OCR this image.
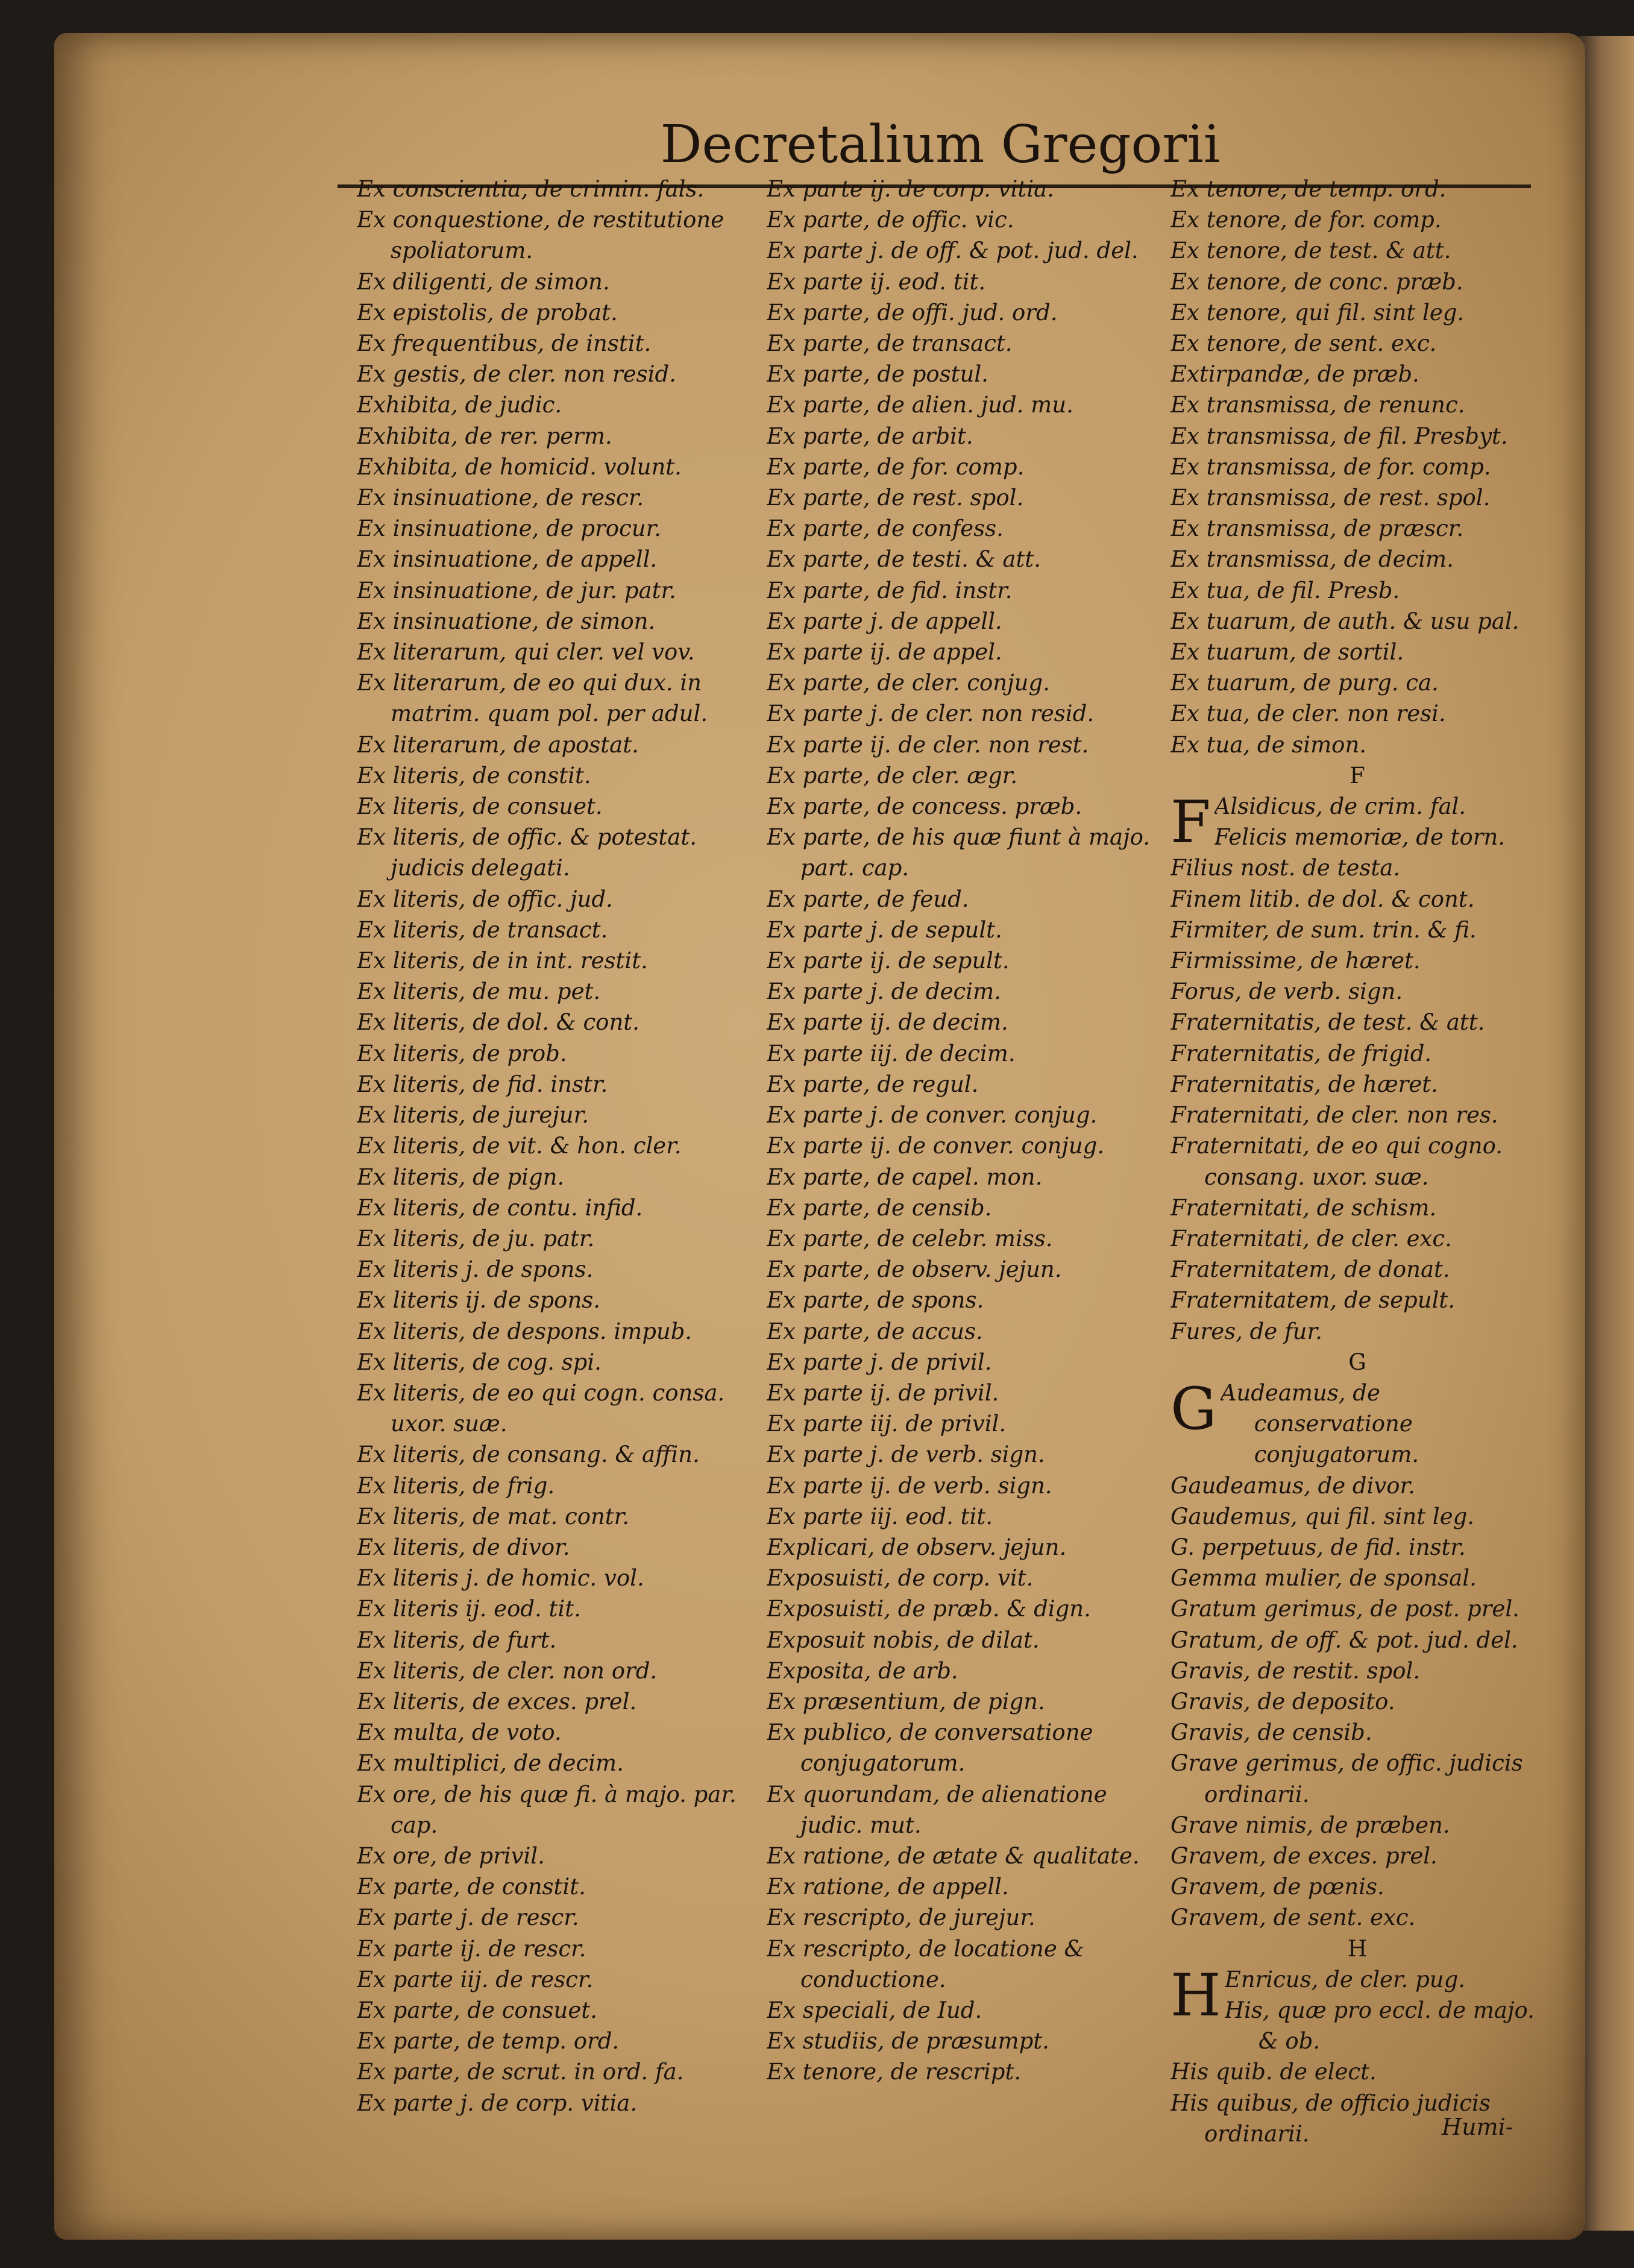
Decretalium Gregorii
Ex conscientia, de crimin. fals.
Ex conquestione, de restitutione spoliatorum.
Ex diligenti, de simon.
Ex epistolis, de probat.
Ex frequentibus, de instit.
Ex gestis, de cler. non resid.
Exhibita, de judic.
Exhibita, de rer. perm.
Exhibita, de homicid. volunt.
Ex insinuatione, de rescr.
Ex insinuatione, de procur.
Ex insinuatione, de appell.
Ex insinuatione, de jur. patr.
Ex insinuatione, de simon.
Ex literarum, qui cler. vel vov.
Ex literarum, de eo qui dux. in matrim. quam pol. per adul.
Ex literarum, de apostat.
Ex literis, de constit.
Ex literis, de consuet.
Ex literis, de offic. & potestat. judicis delegati.
Ex literis, de offic. jud.
Ex literis, de transact.
Ex literis, de in int. restit.
Ex literis, de mu. pet.
Ex literis, de dol. & cont.
Ex literis, de prob.
Ex literis, de fid. instr.
Ex literis, de jurejur.
Ex literis, de vit. & hon. cler.
Ex literis, de pign.
Ex literis, de contu. infid.
Ex literis, de ju. patr.
Ex literis j. de spons.
Ex literis ij. de spons.
Ex literis, de despons. impub.
Ex literis, de cog. spi.
Ex literis, de eo qui cogn. consa. uxor. suæ.
Ex literis, de consang. & affin.
Ex literis, de frig.
Ex literis, de mat. contr.
Ex literis, de divor.
Ex literis j. de homic. vol.
Ex literis ij. eod. tit.
Ex literis, de furt.
Ex literis, de cler. non ord.
Ex literis, de exces. prel.
Ex multa, de voto.
Ex multiplici, de decim.
Ex ore, de his quæ fi. à majo. par. cap.
Ex ore, de privil.
Ex parte, de constit.
Ex parte j. de rescr.
Ex parte ij. de rescr.
Ex parte iij. de rescr.
Ex parte, de consuet.
Ex parte, de temp. ord.
Ex parte, de scrut. in ord. fa.
Ex parte j. de corp. vitia.
Ex parte ij. de corp. vitia.
Ex parte, de offic. vic.
Ex parte j. de off. & pot. jud. del.
Ex parte ij. eod. tit.
Ex parte, de offi. jud. ord.
Ex parte, de transact.
Ex parte, de postul.
Ex parte, de alien. jud. mu.
Ex parte, de arbit.
Ex parte, de for. comp.
Ex parte, de rest. spol.
Ex parte, de confess.
Ex parte, de testi. & att.
Ex parte, de fid. instr.
Ex parte j. de appell.
Ex parte ij. de appel.
Ex parte, de cler. conjug.
Ex parte j. de cler. non resid.
Ex parte ij. de cler. non rest.
Ex parte, de cler. ægr.
Ex parte, de concess. præb.
Ex parte, de his quæ fiunt à majo. part. cap.
Ex parte, de feud.
Ex parte j. de sepult.
Ex parte ij. de sepult.
Ex parte j. de decim.
Ex parte ij. de decim.
Ex parte iij. de decim.
Ex parte, de regul.
Ex parte j. de conver. conjug.
Ex parte ij. de conver. conjug.
Ex parte, de capel. mon.
Ex parte, de censib.
Ex parte, de celebr. miss.
Ex parte, de observ. jejun.
Ex parte, de spons.
Ex parte, de accus.
Ex parte j. de privil.
Ex parte ij. de privil.
Ex parte iij. de privil.
Ex parte j. de verb. sign.
Ex parte ij. de verb. sign.
Ex parte iij. eod. tit.
Explicari, de observ. jejun.
Exposuisti, de corp. vit.
Exposuisti, de præb. & dign.
Exposuit nobis, de dilat.
Exposita, de arb.
Ex præsentium, de pign.
Ex publico, de conversatione conjugatorum.
Ex quorundam, de alienatione judic. mut.
Ex ratione, de ætate & qualitate.
Ex ratione, de appell.
Ex rescripto, de jurejur.
Ex rescripto, de locatione & conductione.
Ex speciali, de Iud.
Ex studiis, de præsumpt.
Ex tenore, de rescript.
Ex tenore, de temp. ord.
Ex tenore, de for. comp.
Ex tenore, de test. & att.
Ex tenore, de conc. præb.
Ex tenore, qui fil. sint leg.
Ex tenore, de sent. exc.
Extirpandæ, de præb.
Ex transmissa, de renunc.
Ex transmissa, de fil. Presbyt.
Ex transmissa, de for. comp.
Ex transmissa, de rest. spol.
Ex transmissa, de præscr.
Ex transmissa, de decim.
Ex tua, de fil. Presb.
Ex tuarum, de auth. & usu pal.
Ex tuarum, de sortil.
Ex tuarum, de purg. ca.
Ex tua, de cler. non resi.
Ex tua, de simon.
F
F Alsidicus, de crim. fal.
Felicis memoriæ, de torn.
Filius nost. de testa.
Finem litib. de dol. & cont.
Firmiter, de sum. trin. & fi.
Firmissime, de hæret.
Forus, de verb. sign.
Fraternitatis, de test. & att.
Fraternitatis, de frigid.
Fraternitatis, de hæret.
Fraternitati, de cler. non res.
Fraternitati, de eo qui cogno. consang. uxor. suæ.
Fraternitati, de schism.
Fraternitati, de cler. exc.
Fraternitatem, de donat.
Fraternitatem, de sepult.
Fures, de fur.
G
G Audeamus, de conservatione conjugatorum.
Gaudeamus, de divor.
Gaudemus, qui fil. sint leg.
G. perpetuus, de fid. instr.
Gemma mulier, de sponsal.
Gratum gerimus, de post. prel.
Gratum, de off. & pot. jud. del.
Gravis, de restit. spol.
Gravis, de deposito.
Gravis, de censib.
Grave gerimus, de offic. judicis ordinarii.
Grave nimis, de præben.
Gravem, de exces. prel.
Gravem, de pœnis.
Gravem, de sent. exc.
H
H Enricus, de cler. pug.
His, quæ pro eccl. de majo. & ob.
His quib. de elect.
His quibus, de officio judicis ordinarii.	Humi-
